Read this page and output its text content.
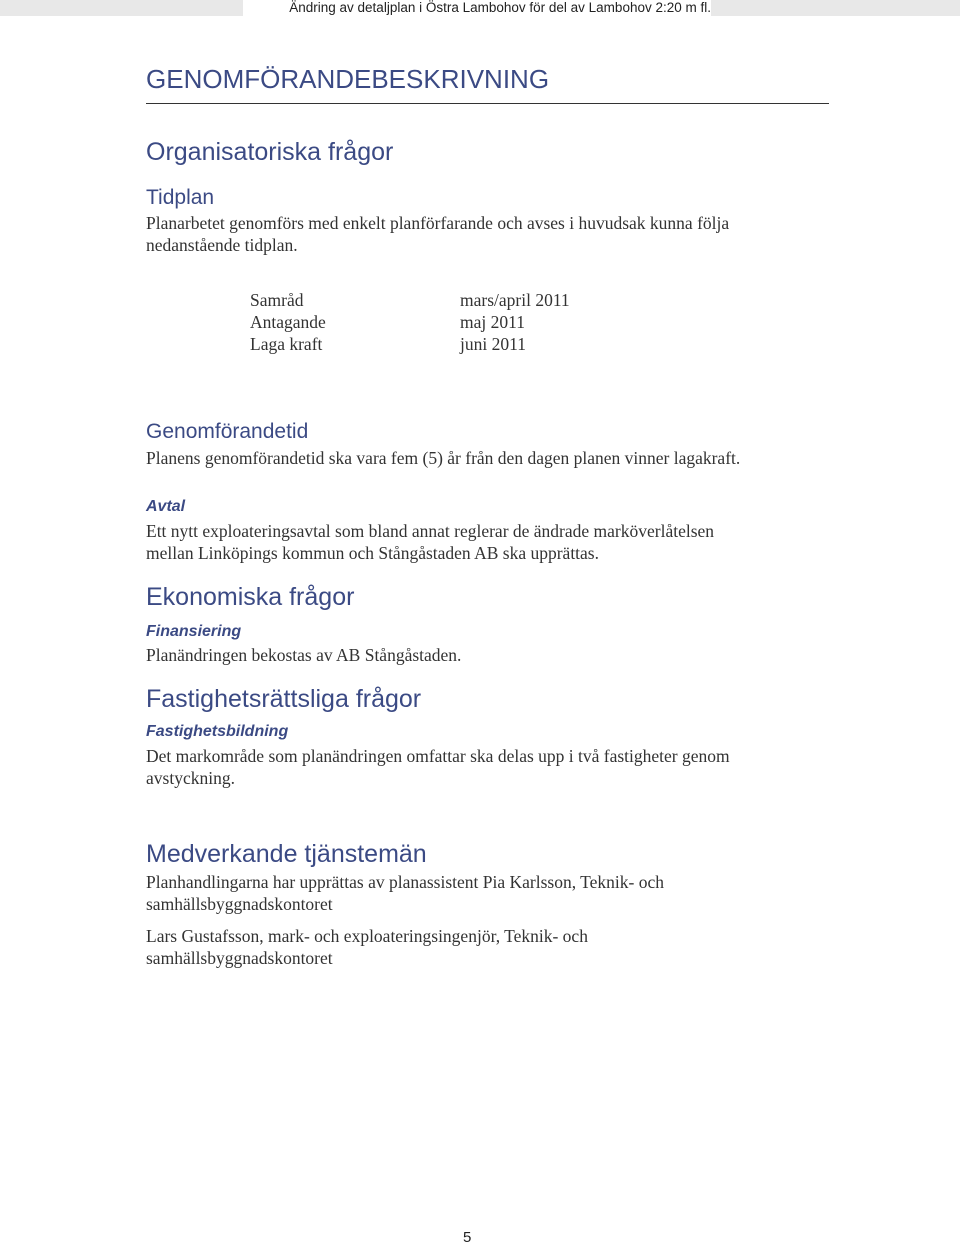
Ändring av detaljplan i Östra Lambohov för del av Lambohov 2:20 m fl.
GENOMFÖRANDEBESKRIVNING
Organisatoriska frågor
Tidplan
Planarbetet genomförs med enkelt planförfarande och avses i huvudsak kunna följa
nedanstående tidplan.
Samråd	mars/april 2011
Antagande	maj 2011
Laga kraft	juni 2011
Genomförandetid
Planens genomförandetid ska vara fem (5) år från den dagen planen vinner lagakraft.
Avtal
Ett nytt exploateringsavtal som bland annat reglerar de ändrade marköverlåtelsen
mellan Linköpings kommun och Stångåstaden AB ska upprättas.
Ekonomiska frågor
Finansiering
Planändringen bekostas av AB Stångåstaden.
Fastighetsrättsliga frågor
Fastighetsbildning
Det markområde som planändringen omfattar ska delas upp i två fastigheter genom
avstyckning.
Medverkande tjänstemän
Planhandlingarna har upprättas av planassistent Pia Karlsson, Teknik- och
samhällsbyggnadskontoret
Lars Gustafsson, mark- och exploateringsingenjör, Teknik- och
samhällsbyggnadskontoret
5
